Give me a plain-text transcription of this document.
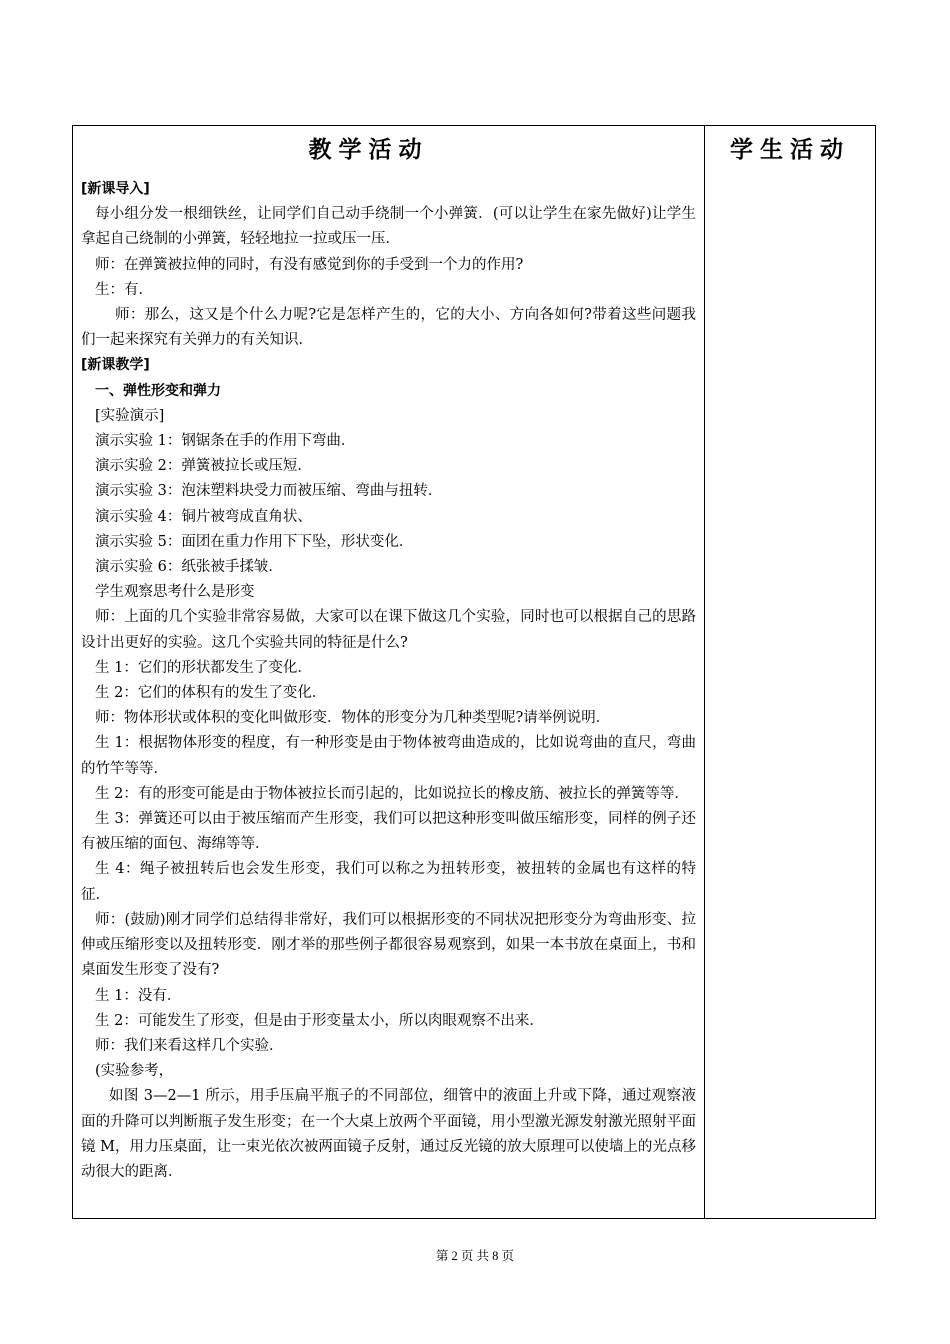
教学活动

[新课导入]

每小组分发一根细铁丝，让同学们自己动手绕制一个小弹簧．(可以让学生在家先做好)让学生拿起自己绕制的小弹簧，轻轻地拉一拉或压一压．

师：在弹簧被拉伸的同时，有没有感觉到你的手受到一个力的作用?

生：有．

师：那么，这又是个什么力呢?它是怎样产生的，它的大小、方向各如何?带着这些问题我们一起来探究有关弹力的有关知识．

[新课教学]

一、弹性形变和弹力

[实验演示]

演示实验 1：钢锯条在手的作用下弯曲．

演示实验 2：弹簧被拉长或压短．

演示实验 3：泡沫塑料块受力而被压缩、弯曲与扭转．

演示实验 4：铜片被弯成直角状、

演示实验 5：面团在重力作用下下坠，形状变化．

演示实验 6：纸张被手揉皱．

学生观察思考什么是形变

师：上面的几个实验非常容易做，大家可以在课下做这几个实验，同时也可以根据自己的思路设计出更好的实验。这几个实验共同的特征是什么?

生 1：它们的形状都发生了变化．

生 2：它们的体积有的发生了变化．

师：物体形状或体积的变化叫做形变．物体的形变分为几种类型呢?请举例说明．

生 1：根据物体形变的程度，有一种形变是由于物体被弯曲造成的，比如说弯曲的直尺，弯曲的竹竿等等．

生 2：有的形变可能是由于物体被拉长而引起的，比如说拉长的橡皮筋、被拉长的弹簧等等．

生 3：弹簧还可以由于被压缩而产生形变，我们可以把这种形变叫做压缩形变，同样的例子还有被压缩的面包、海绵等等．

生 4：绳子被扭转后也会发生形变，我们可以称之为扭转形变，被扭转的金属也有这样的特征．

师：(鼓励)刚才同学们总结得非常好，我们可以根据形变的不同状况把形变分为弯曲形变、拉伸或压缩形变以及扭转形变．刚才举的那些例子都很容易观察到，如果一本书放在桌面上，书和桌面发生形变了没有?

生 1：没有．

生 2：可能发生了形变，但是由于形变量太小，所以肉眼观察不出来．

师：我们来看这样几个实验．

(实验参考，

如图 3—2—1 所示，用手压扁平瓶子的不同部位，细管中的液面上升或下降，通过观察液面的升降可以判断瓶子发生形变；在一个大桌上放两个平面镜，用小型激光源发射激光照射平面镜 M，用力压桌面，让一束光依次被两面镜子反射，通过反光镜的放大原理可以使墙上的光点移动很大的距离．

学生活动
第 2 页 共 8 页
